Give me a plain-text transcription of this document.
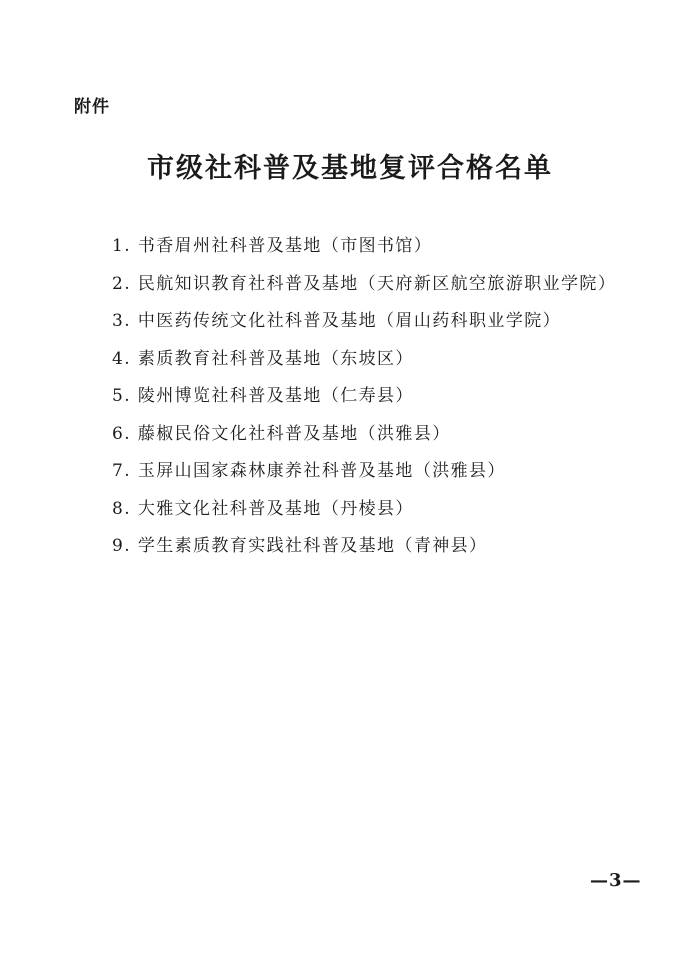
附件
市级社科普及基地复评合格名单
1. 书香眉州社科普及基地（市图书馆）
2. 民航知识教育社科普及基地（天府新区航空旅游职业学院）
3. 中医药传统文化社科普及基地（眉山药科职业学院）
4. 素质教育社科普及基地（东坡区）
5. 陵州博览社科普及基地（仁寿县）
6. 藤椒民俗文化社科普及基地（洪雅县）
7. 玉屏山国家森林康养社科普及基地（洪雅县）
8. 大雅文化社科普及基地（丹棱县）
9. 学生素质教育实践社科普及基地（青神县）
—3—
